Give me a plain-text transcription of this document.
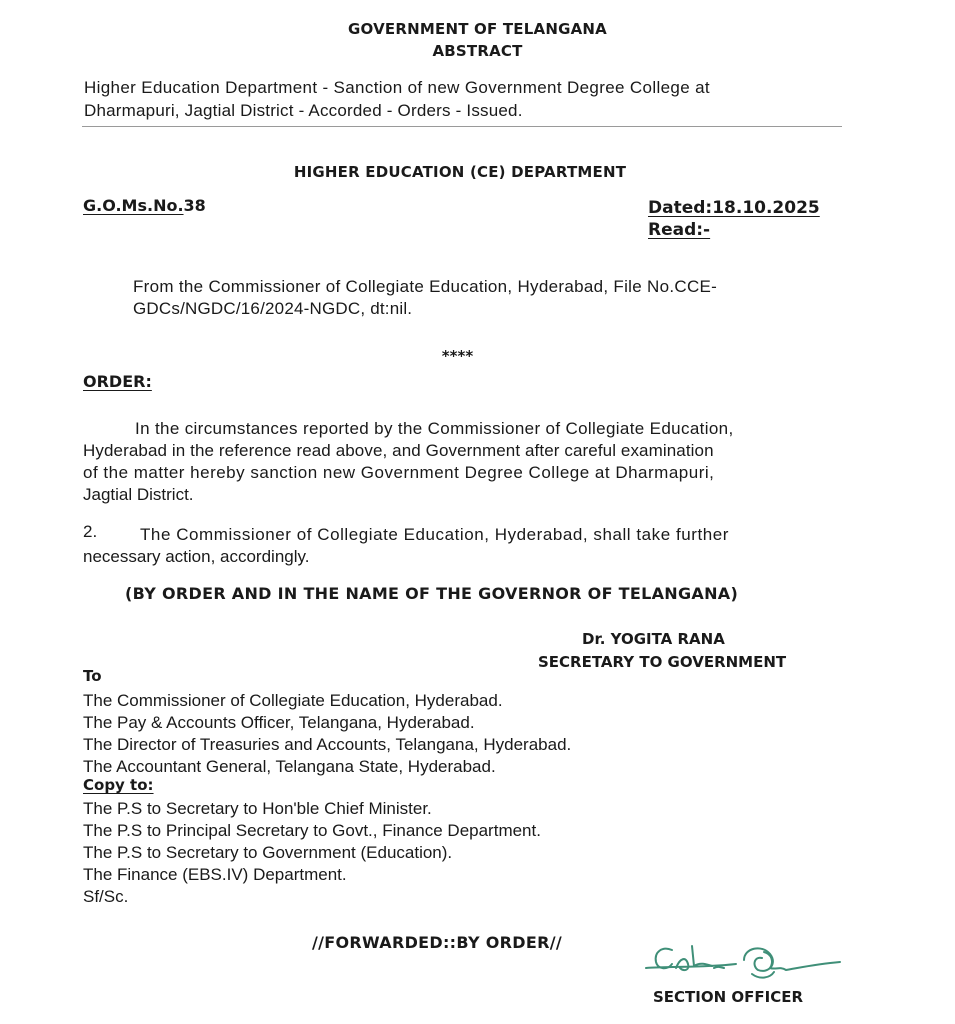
GOVERNMENT OF TELANGANA
ABSTRACT
Higher Education Department - Sanction of new Government Degree College at
Dharmapuri, Jagtial District - Accorded - Orders - Issued.
HIGHER EDUCATION (CE) DEPARTMENT
G.O.Ms.No.38	Dated:18.10.2025
Read:-
From the Commissioner of Collegiate Education, Hyderabad, File No.CCE-
GDCs/NGDC/16/2024-NGDC, dt:nil.
****
ORDER:
In the circumstances reported by the Commissioner of Collegiate Education,
Hyderabad in the reference read above, and Government after careful examination
of the matter hereby sanction new Government Degree College at Dharmapuri,
Jagtial District.
2.	The Commissioner of Collegiate Education, Hyderabad, shall take further
necessary action, accordingly.
(BY ORDER AND IN THE NAME OF THE GOVERNOR OF TELANGANA)
Dr. YOGITA RANA
SECRETARY TO GOVERNMENT
To
The Commissioner of Collegiate Education, Hyderabad.
The Pay & Accounts Officer, Telangana, Hyderabad.
The Director of Treasuries and Accounts, Telangana, Hyderabad.
The Accountant General, Telangana State, Hyderabad.
Copy to:
The P.S to Secretary to Hon'ble Chief Minister.
The P.S to Principal Secretary to Govt., Finance Department.
The P.S to Secretary to Government (Education).
The Finance (EBS.IV) Department.
Sf/Sc.
//FORWARDED::BY ORDER//
SECTION OFFICER
